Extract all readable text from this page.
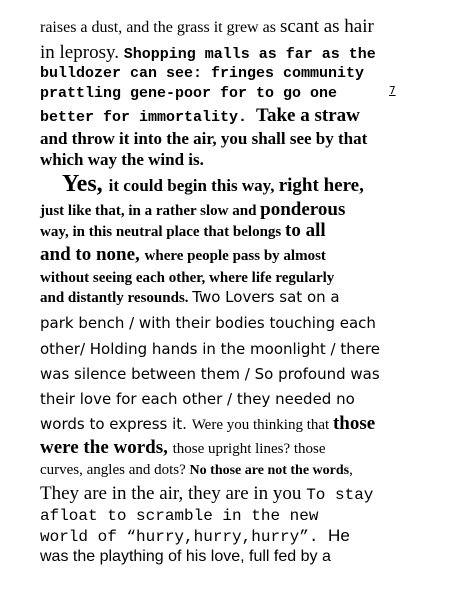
raises a dust, and the grass it grew as scant as hair
in leprosy. Shopping malls as far as the
bulldozer can see: fringes community
prattling gene-poor for to go one	7
better for immortality. Take a straw
and throw it into the air, you shall see by that
which way the wind is.
Yes, it could begin this way, right here,
just like that, in a rather slow and ponderous
way, in this neutral place that belongs to all
and to none, where people pass by almost
without seeing each other, where life regularly
and distantly resounds. Two Lovers sat on a
park bench / with their bodies touching each
other/ Holding hands in the moonlight / there
was silence between them / So profound was
their love for each other / they needed no
words to express it. Were you thinking that those
were the words, those upright lines? those
curves, angles and dots? No those are not the words,
They are in the air, they are in you To stay
afloat to scramble in the new
world of “hurry,hurry,hurry”. He
was the plaything of his love, full fed by a
